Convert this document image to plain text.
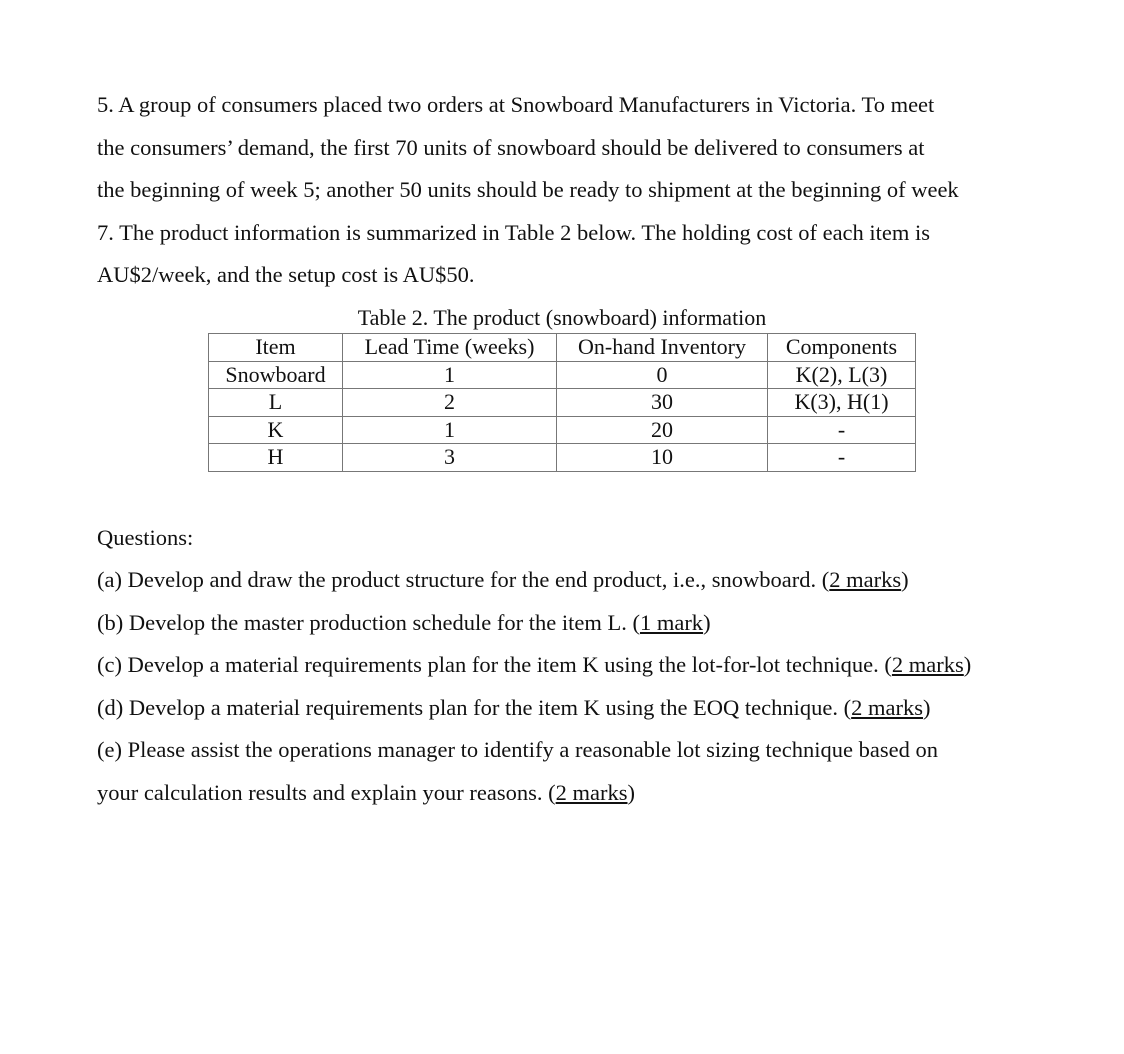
5. A group of consumers placed two orders at Snowboard Manufacturers in Victoria. To meet
the consumers’ demand, the first 70 units of snowboard should be delivered to consumers at
the beginning of week 5; another 50 units should be ready to shipment at the beginning of week
7. The product information is summarized in Table 2 below. The holding cost of each item is
AU$2/week, and the setup cost is AU$50.
Table 2. The product (snowboard) information
Item	Lead Time (weeks)	On-hand Inventory	Components
Snowboard	1	0	K(2), L(3)
L	2	30	K(3), H(1)
K	1	20	-
H	3	10	-
Questions:
(a) Develop and draw the product structure for the end product, i.e., snowboard. (2 marks)
(b) Develop the master production schedule for the item L. (1 mark)
(c) Develop a material requirements plan for the item K using the lot-for-lot technique. (2 marks)
(d) Develop a material requirements plan for the item K using the EOQ technique. (2 marks)
(e) Please assist the operations manager to identify a reasonable lot sizing technique based on
your calculation results and explain your reasons. (2 marks)
